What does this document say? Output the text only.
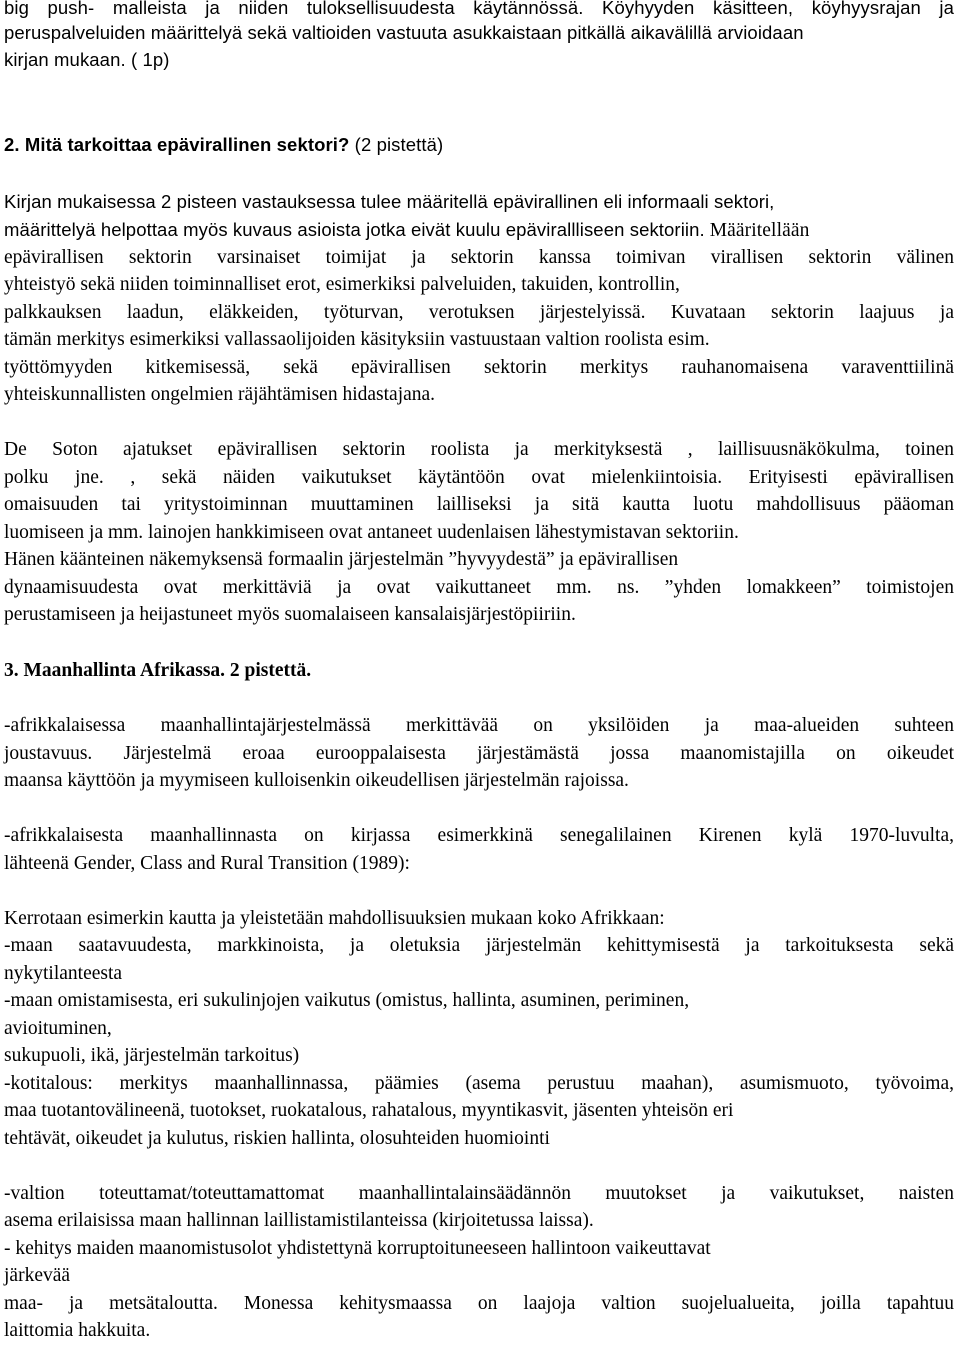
big push- malleista ja niiden tuloksellisuudesta käytännössä. Köyhyyden käsitteen, köyhyysrajan ja

peruspalveluiden määrittelyä sekä valtioiden vastuuta asukkaistaan pitkällä aikavälillä arvioidaan

kirjan mukaan. ( 1p)

2. Mitä tarkoittaa epävirallinen sektori? (2 pistettä)

Kirjan mukaisessa 2 pisteen vastauksessa tulee määritellä epävirallinen eli informaali sektori,

määrittelyä helpottaa myös kuvaus asioista jotka eivät kuulu epävirallliseen sektoriin. Määritellään

epävirallisen sektorin varsinaiset toimijat ja sektorin kanssa toimivan virallisen sektorin välinen

yhteistyö sekä niiden toiminnalliset erot, esimerkiksi palveluiden, takuiden, kontrollin,

palkkauksen laadun, eläkkeiden, työturvan, verotuksen järjestelyissä. Kuvataan sektorin laajuus ja

tämän merkitys esimerkiksi vallassaolijoiden käsityksiin vastuustaan valtion roolista esim.

työttömyyden kitkemisessä, sekä epävirallisen sektorin merkitys rauhanomaisena varaventtiilinä

yhteiskunnallisten ongelmien räjähtämisen hidastajana.

De Soton ajatukset epävirallisen sektorin roolista ja merkityksestä , laillisuusnäkökulma, toinen

polku jne. , sekä näiden vaikutukset käytäntöön ovat mielenkiintoisia. Erityisesti epävirallisen

omaisuuden tai yritystoiminnan muuttaminen lailliseksi ja sitä kautta luotu mahdollisuus pääoman

luomiseen ja mm. lainojen hankkimiseen ovat antaneet uudenlaisen lähestymistavan sektoriin.

Hänen käänteinen näkemyksensä formaalin järjestelmän ”hyvyydestä” ja epävirallisen

dynaamisuudesta ovat merkittäviä ja ovat vaikuttaneet mm. ns. ”yhden lomakkeen” toimistojen

perustamiseen ja heijastuneet myös suomalaiseen kansalaisjärjestöpiiriin.

3. Maanhallinta Afrikassa. 2 pistettä.

-afrikkalaisessa maanhallintajärjestelmässä merkittävää on yksilöiden ja maa-alueiden suhteen

joustavuus. Järjestelmä eroaa eurooppalaisesta järjestämästä jossa maanomistajilla on oikeudet

maansa käyttöön ja myymiseen kulloisenkin oikeudellisen järjestelmän rajoissa.

-afrikkalaisesta maanhallinnasta on kirjassa esimerkkinä senegalilainen Kirenen kylä 1970-luvulta,

lähteenä Gender, Class and Rural Transition (1989):

Kerrotaan esimerkin kautta ja yleistetään mahdollisuuksien mukaan koko Afrikkaan:

-maan saatavuudesta, markkinoista, ja oletuksia järjestelmän kehittymisestä ja tarkoituksesta sekä

nykytilanteesta

-maan omistamisesta, eri sukulinjojen vaikutus (omistus, hallinta, asuminen, periminen,

avioituminen,

sukupuoli, ikä, järjestelmän tarkoitus)

-kotitalous: merkitys maanhallinnassa, päämies (asema perustuu maahan), asumismuoto, työvoima,

maa tuotantovälineenä, tuotokset, ruokatalous, rahatalous, myyntikasvit, jäsenten yhteisön eri

tehtävät, oikeudet ja kulutus, riskien hallinta, olosuhteiden huomiointi

-valtion toteuttamat/toteuttamattomat maanhallintalainsäädännön muutokset ja vaikutukset, naisten

asema erilaisissa maan hallinnan laillistamistilanteissa (kirjoitetussa laissa).

- kehitys maiden maanomistusolot yhdistettynä korruptoituneeseen hallintoon vaikeuttavat

järkevää

maa- ja metsätaloutta. Monessa kehitysmaassa on laajoja valtion suojelualueita, joilla tapahtuu

laittomia hakkuita.
